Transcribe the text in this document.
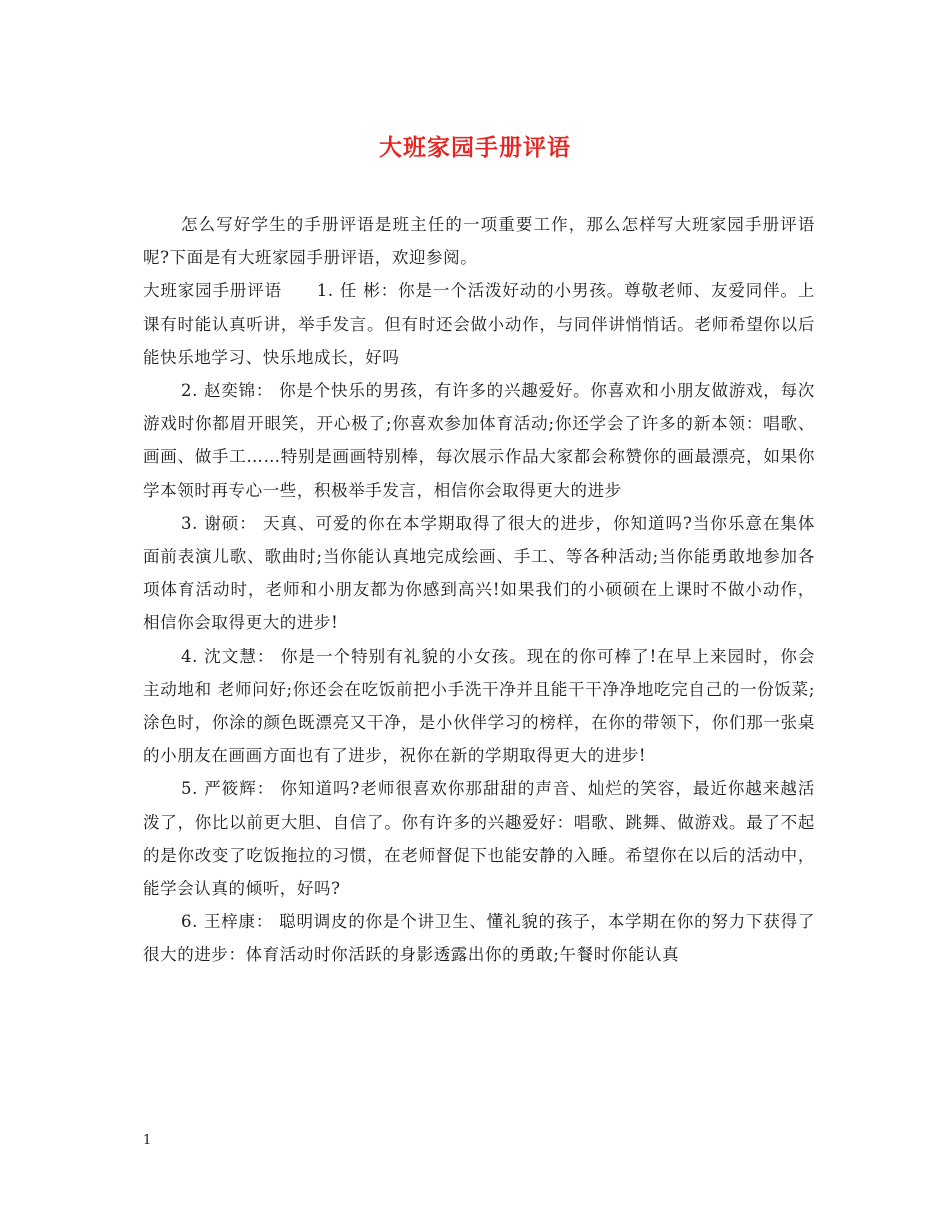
大班家园手册评语

怎么写好学生的手册评语是班主任的一项重要工作，那么怎样写大班家园手册评语呢?下面是有大班家园手册评语，欢迎参阅。

大班家园手册评语　　1. 任 彬：你是一个活泼好动的小男孩。尊敬老师、友爱同伴。上课有时能认真听讲，举手发言。但有时还会做小动作，与同伴讲悄悄话。老师希望你以后能快乐地学习、快乐地成长，好吗

2. 赵奕锦： 你是个快乐的男孩，有许多的兴趣爱好。你喜欢和小朋友做游戏，每次游戏时你都眉开眼笑，开心极了;你喜欢参加体育活动;你还学会了许多的新本领：唱歌、画画、做手工……特别是画画特别棒，每次展示作品大家都会称赞你的画最漂亮，如果你学本领时再专心一些，积极举手发言，相信你会取得更大的进步

3. 谢硕： 天真、可爱的你在本学期取得了很大的进步，你知道吗?当你乐意在集体面前表演儿歌、歌曲时;当你能认真地完成绘画、手工、等各种活动;当你能勇敢地参加各项体育活动时，老师和小朋友都为你感到高兴!如果我们的小硕硕在上课时不做小动作，相信你会取得更大的进步!

4. 沈文慧： 你是一个特别有礼貌的小女孩。现在的你可棒了!在早上来园时，你会主动地和 老师问好;你还会在吃饭前把小手洗干净并且能干干净净地吃完自己的一份饭菜;涂色时，你涂的颜色既漂亮又干净，是小伙伴学习的榜样，在你的带领下，你们那一张桌的小朋友在画画方面也有了进步，祝你在新的学期取得更大的进步!

5. 严筱辉： 你知道吗?老师很喜欢你那甜甜的声音、灿烂的笑容，最近你越来越活泼了，你比以前更大胆、自信了。你有许多的兴趣爱好：唱歌、跳舞、做游戏。最了不起的是你改变了吃饭拖拉的习惯，在老师督促下也能安静的入睡。希望你在以后的活动中，能学会认真的倾听，好吗?

6. 王梓康： 聪明调皮的你是个讲卫生、懂礼貌的孩子，本学期在你的努力下获得了很大的进步：体育活动时你活跃的身影透露出你的勇敢;午餐时你能认真

1
